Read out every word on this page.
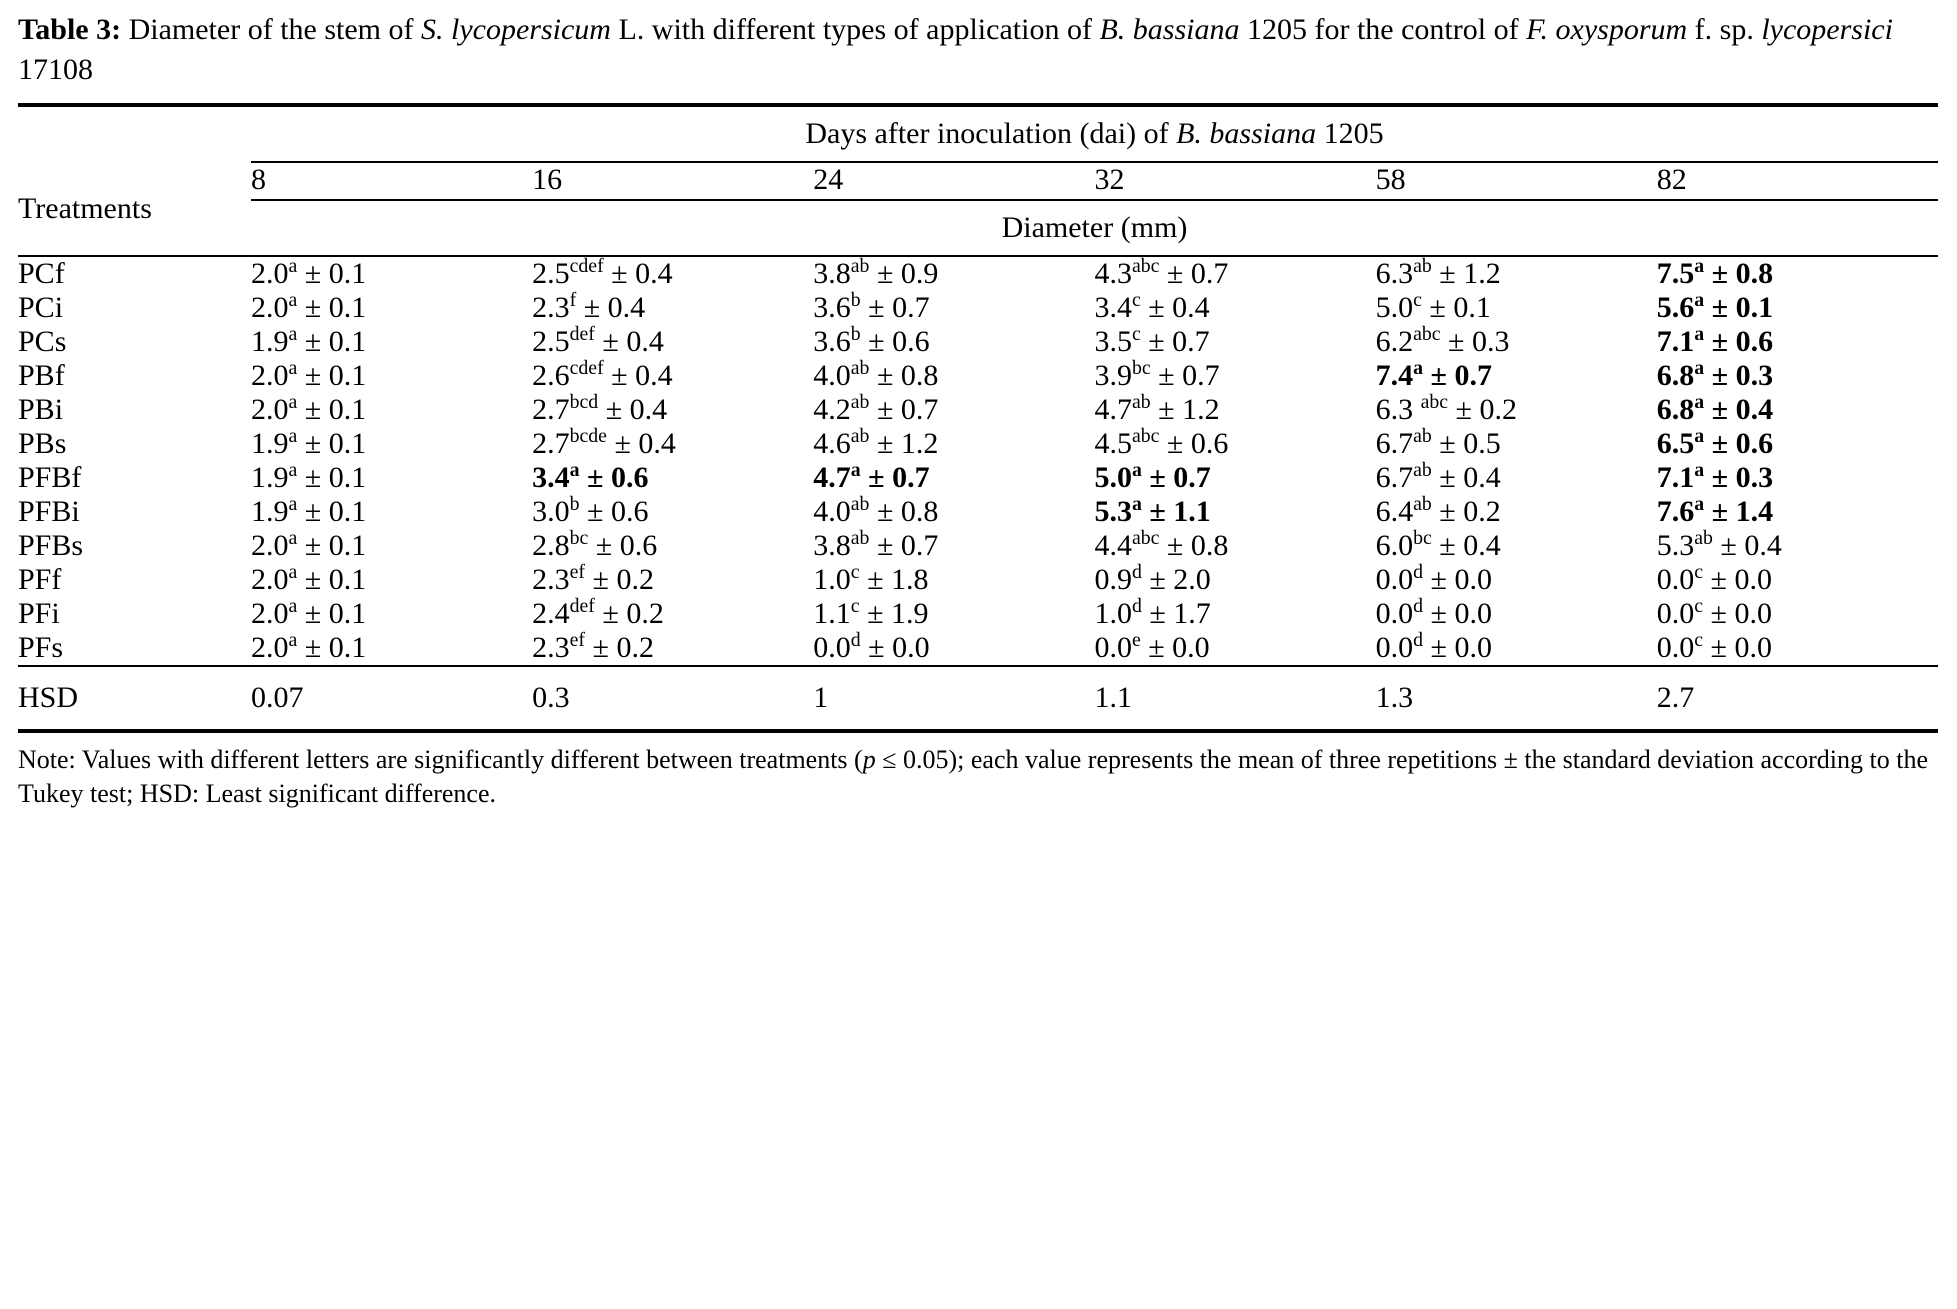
Table 3: Diameter of the stem of S. lycopersicum L. with different types of application of B. bassiana 1205 for the control of F. oxysporum f. sp. lycopersici 17108

	Days after inoculation (dai) of B. bassiana 1205					

Treatments	8	16	24	32	58	82

	Diameter (mm)					

PCf	2.0$^a$ ± 0.1	$2.5^{cdef} \pm 0.4$	3.8$^{ab}$ ± 0.9	4.3$^{abc}$ ± 0.7	6.3$^{ab}$ ± 1.2	7.5$^a$ ± 0.8
PCi	2.0$^a$ ± 0.1	2.3$^f$ ± 0.4	3.6$^b$ ± 0.7	3.4$^c$ ± 0.4	5.0$^c$ ± 0.1	5.6$^a$ ± 0.1
PCs	1.9$^a$ ± 0.1	2.5$^{def}$ ± 0.4	3.6$^b$ ± 0.6	3.5$^c$ ± 0.7	6.2$^{abc}$ ± 0.3	7.1$^a$ ± 0.6
PBf	2.0$^a$ ± 0.1	$2.6^{cdef} \pm 0.4$	4.0$^{ab}$ ± 0.8	3.9$^{bc}$ ± 0.7	7.4$^a$ ± 0.7	6.8$^a$ ± 0.3
PBi	2.0$^a$ ± 0.1	2.7$^{bcd}$ ± 0.4	4.2$^{ab}$ ± 0.7	4.7$^{ab}$ ± 1.2	6.3 $^{abc}$ ± 0.2	6.8$^a$ ± 0.4
PBs	1.9$^a$ ± 0.1	$2.7^{bcde} \pm 0.4$	4.6$^{ab}$ ± 1.2	4.5$^{abc}$ ± 0.6	6.7$^{ab}$ ± 0.5	6.5$^a$ ± 0.6
PFBf	1.9$^a$ ± 0.1	3.4$^a$ ± 0.6	4.7$^a$ ± 0.7	5.0$^a$ ± 0.7	6.7$^{ab}$ ± 0.4	7.1$^a$ ± 0.3
PFBi	1.9$^a$ ± 0.1	3.0$^b$ ± 0.6	4.0$^{ab}$ ± 0.8	5.3$^a$ ± 1.1	6.4$^{ab}$ ± 0.2	7.6$^a$ ± 1.4
PFBs	2.0$^a$ ± 0.1	2.8$^{bc}$ ± 0.6	3.8$^{ab}$ ± 0.7	4.4$^{abc}$ ± 0.8	6.0$^{bc}$ ± 0.4	5.3$^{ab}$ ± 0.4
PFf	2.0$^a$ ± 0.1	2.3$^{ef}$ ± 0.2	1.0$^c$ ± 1.8	0.9$^d$ ± 2.0	0.0$^d$ ± 0.0	0.0$^c$ ± 0.0
PFi	2.0$^a$ ± 0.1	2.4$^{def}$ ± 0.2	1.1$^c$ ± 1.9	1.0$^d$ ± 1.7	0.0$^d$ ± 0.0	0.0$^c$ ± 0.0
PFs	2.0$^a$ ± 0.1	2.3$^{ef}$ ± 0.2	0.0$^d$ ± 0.0	0.0$^e$ ± 0.0	0.0$^d$ ± 0.0	0.0$^c$ ± 0.0
HSD	0.07	0.3	1	1.1	1.3	2.7

Note: Values with different letters are significantly different between treatments (p ≤ 0.05); each value represents the mean of three repetitions ± the standard deviation according to the Tukey test; HSD: Least significant difference.
